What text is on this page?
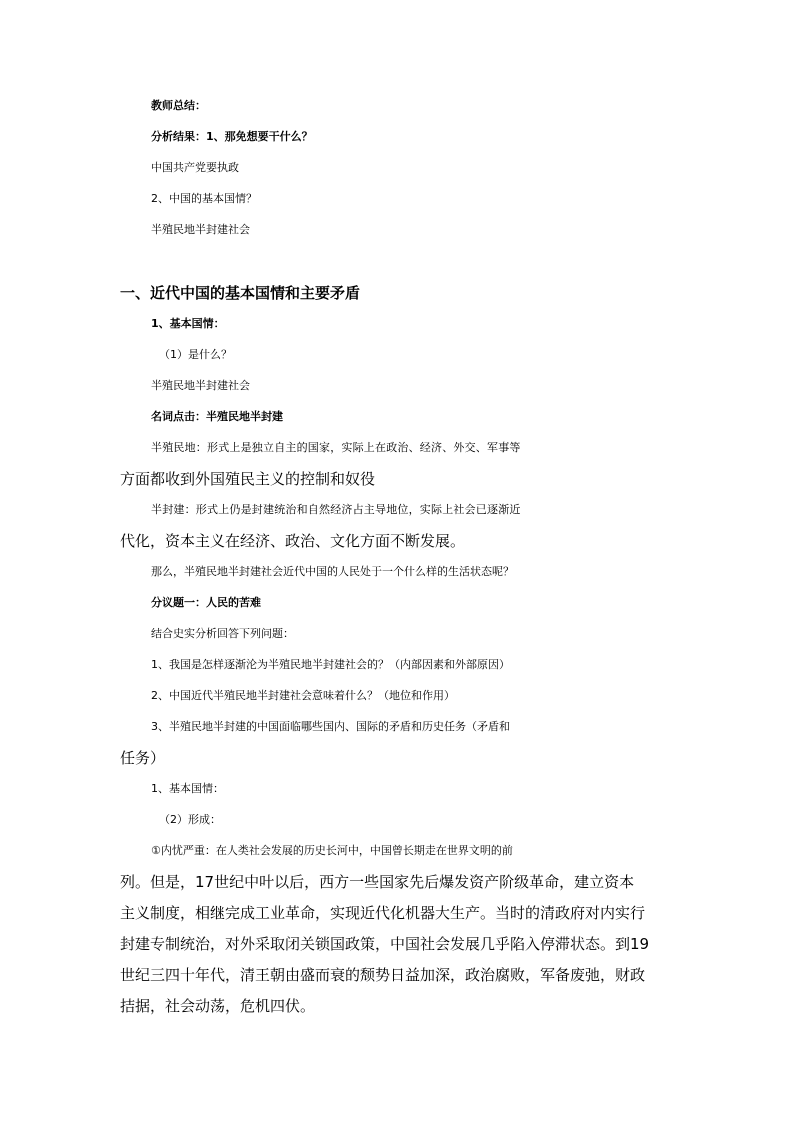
教师总结：

分析结果：1、那免想要干什么？

中国共产党要执政

2、中国的基本国情？

半殖民地半封建社会

一、近代中国的基本国情和主要矛盾

1、基本国情：

（1）是什么？

半殖民地半封建社会

名词点击：半殖民地半封建

半殖民地：形式上是独立自主的国家，实际上在政治、经济、外交、军事等

方面都收到外国殖民主义的控制和奴役

半封建：形式上仍是封建统治和自然经济占主导地位，实际上社会已逐渐近

代化，资本主义在经济、政治、文化方面不断发展。

那么，半殖民地半封建社会近代中国的人民处于一个什么样的生活状态呢？

分议题一：人民的苦难

结合史实分析回答下列问题：

1、我国是怎样逐渐沦为半殖民地半封建社会的？（内部因素和外部原因）

2、中国近代半殖民地半封建社会意味着什么？（地位和作用）

3、半殖民地半封建的中国面临哪些国内、国际的矛盾和历史任务（矛盾和

任务）

1、基本国情：

（2）形成：

①内忧严重：在人类社会发展的历史长河中，中国曾长期走在世界文明的前

列。但是，17世纪中叶以后，西方一些国家先后爆发资产阶级革命，建立资本

主义制度，相继完成工业革命，实现近代化机器大生产。当时的清政府对内实行

封建专制统治，对外采取闭关锁国政策，中国社会发展几乎陷入停滞状态。到19

世纪三四十年代，清王朝由盛而衰的颓势日益加深，政治腐败，军备废弛，财政

拮据，社会动荡，危机四伏。
